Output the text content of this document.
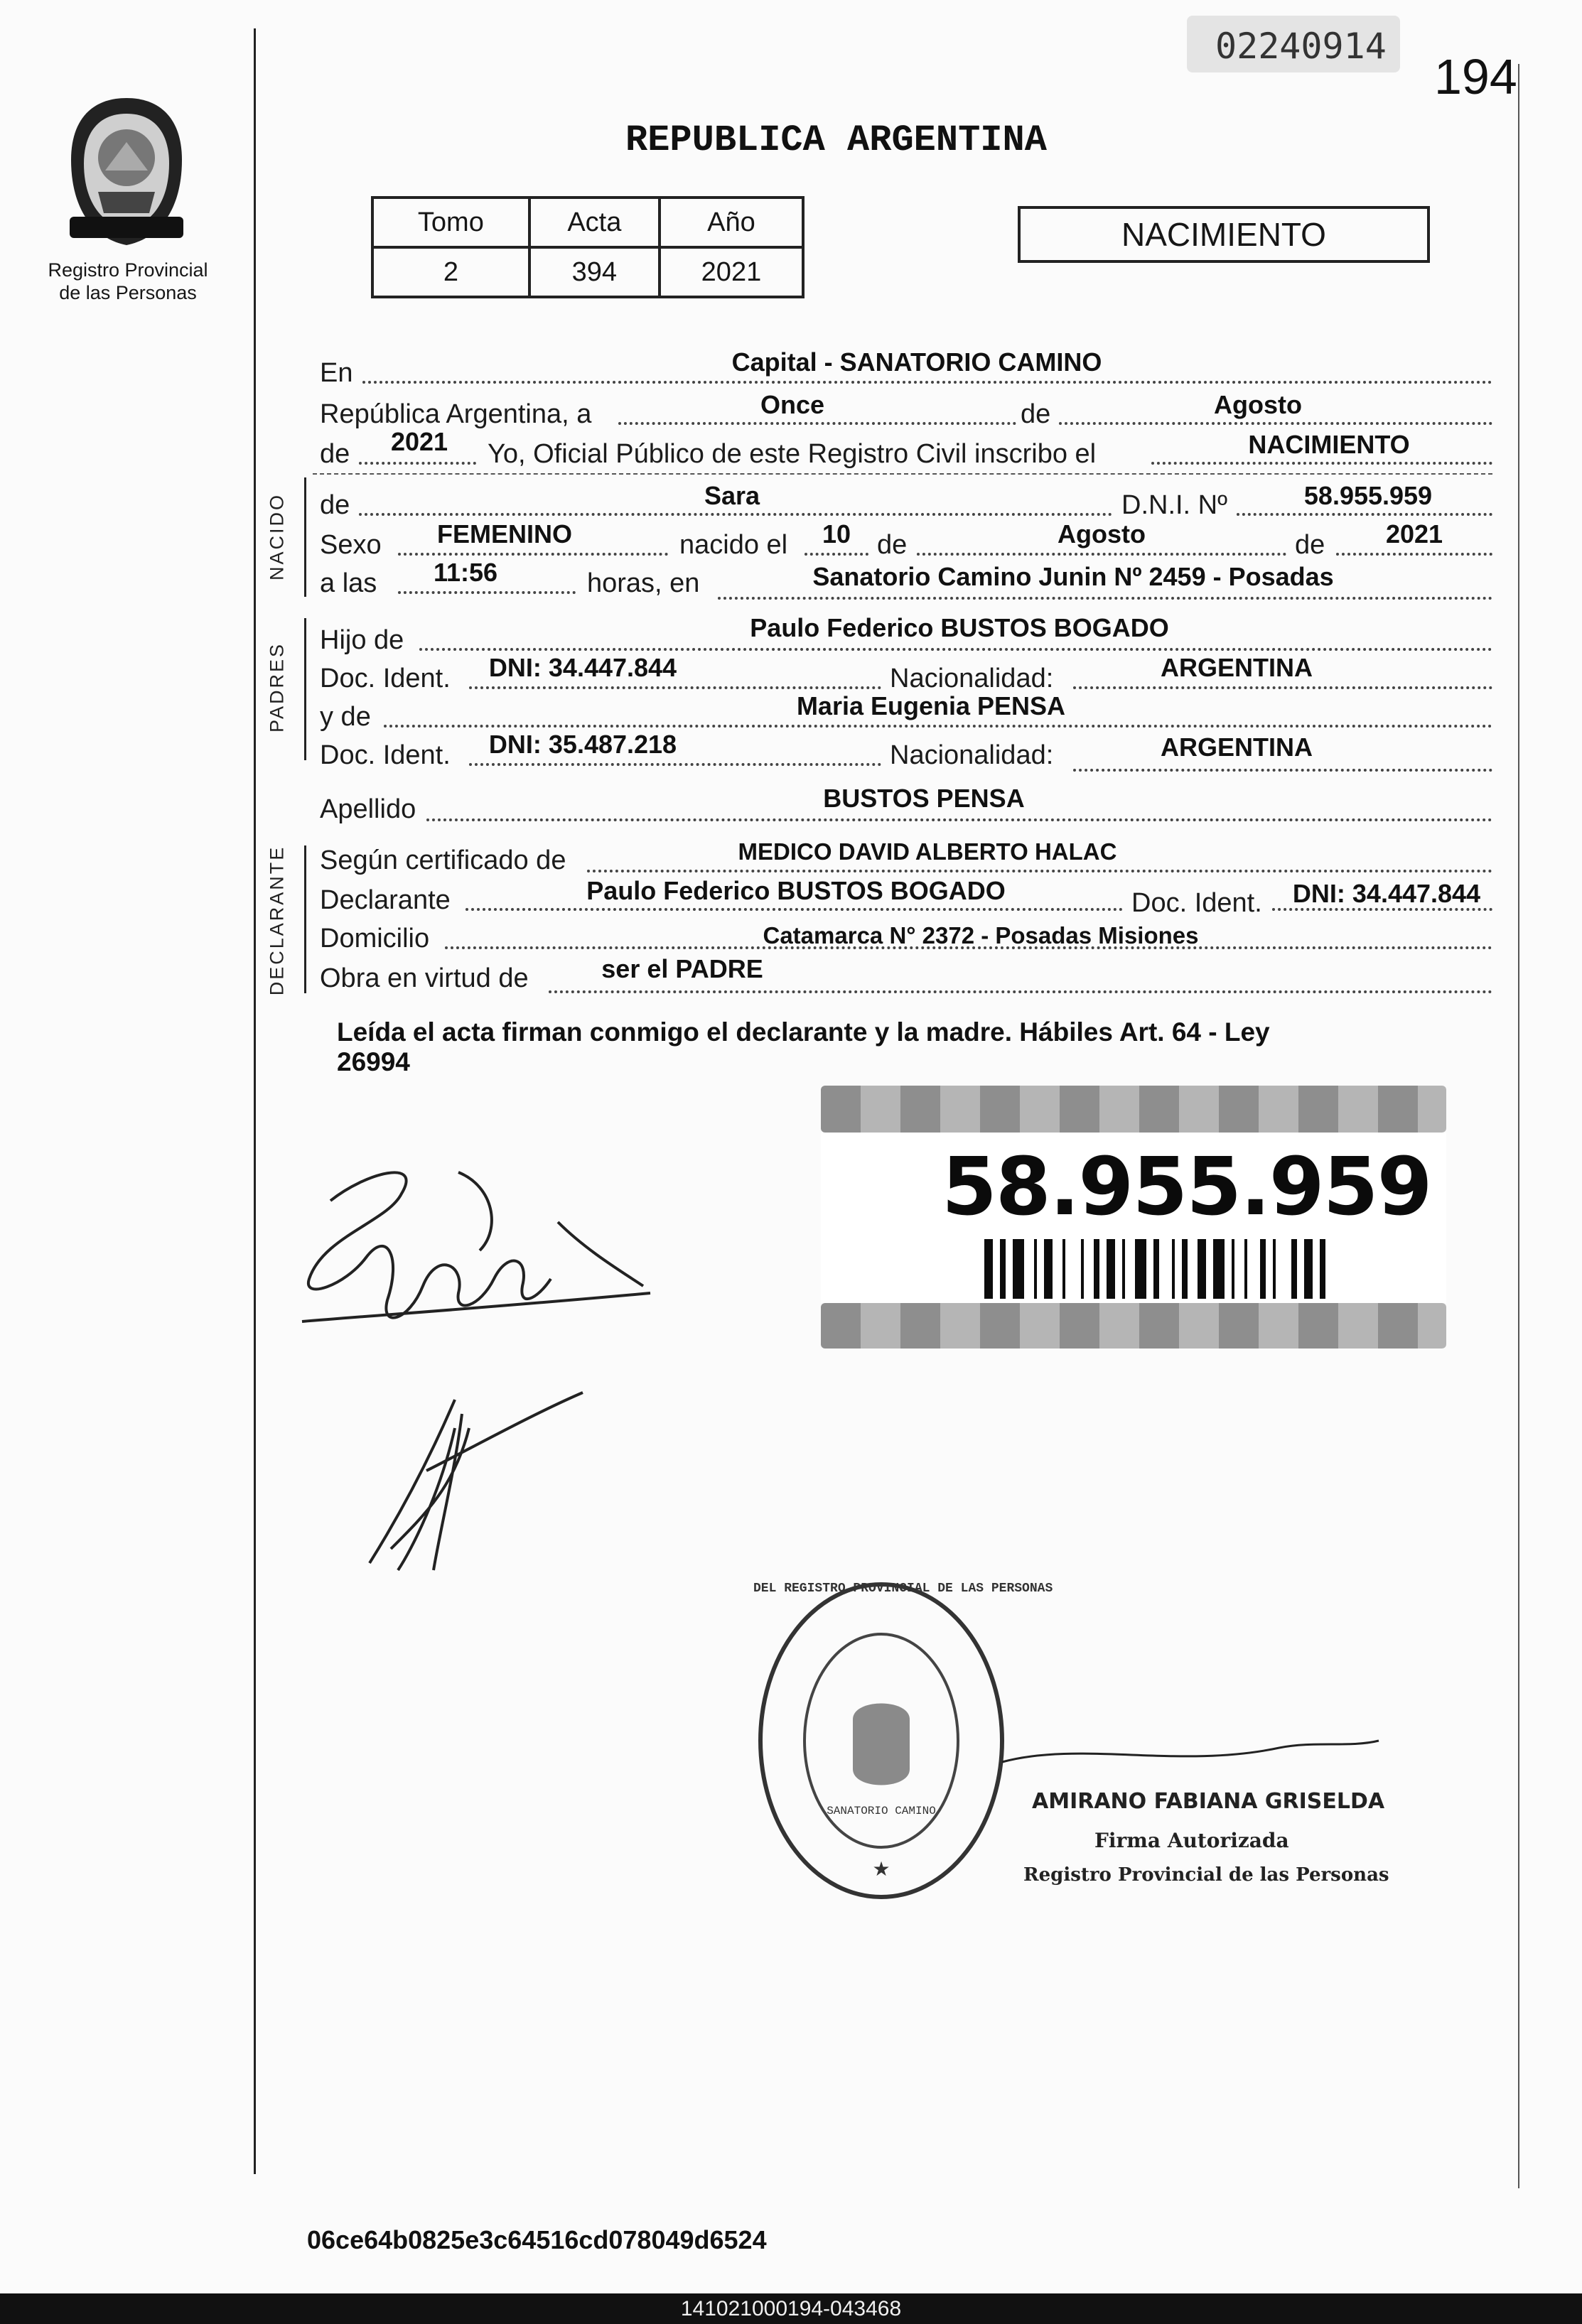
02240914
194
Registro Provincial
de las Personas
REPUBLICA ARGENTINA
Tomo	Acta	Año
2	394	2021
NACIMIENTO
En	Capital - SANATORIO CAMINO
República Argentina, a	Once	de	Agosto
de	2021	Yo, Oficial Público de este Registro Civil inscribo el	NACIMIENTO
NACIDO de	Sara	D.N.I. Nº	58.955.959
Sexo	FEMENINO	nacido el	10 de	Agosto	de	2021
a las	11:56	horas, en	Sanatorio Camino Junin Nº 2459 - Posadas
PADRES
Hijo de	Paulo Federico BUSTOS BOGADO
Doc. Ident.	DNI: 34.447.844	Nacionalidad:	ARGENTINA
y de	Maria Eugenia PENSA
Doc. Ident.	DNI: 35.487.218	Nacionalidad:	ARGENTINA
Apellido	BUSTOS PENSA
DECLARANTE Según certificado de	MEDICO DAVID ALBERTO HALAC
Declarante	Paulo Federico BUSTOS BOGADO	Doc. Ident.	DNI: 34.447.844
Domicilio	Catamarca N° 2372 - Posadas Misiones
Obra en virtud de	ser el PADRE
Leída el acta firman conmigo el declarante y la madre. Hábiles Art. 64 - Ley
26994
58.955.959
★
DEL REGISTRO PROVINCIAL DE LAS PERSONAS
SANATORIO CAMINO	AMIRANO FABIANA GRISELDA
Firma Autorizada
Registro Provincial de las Personas
06ce64b0825e3c64516cd078049d6524
141021000194-043468
